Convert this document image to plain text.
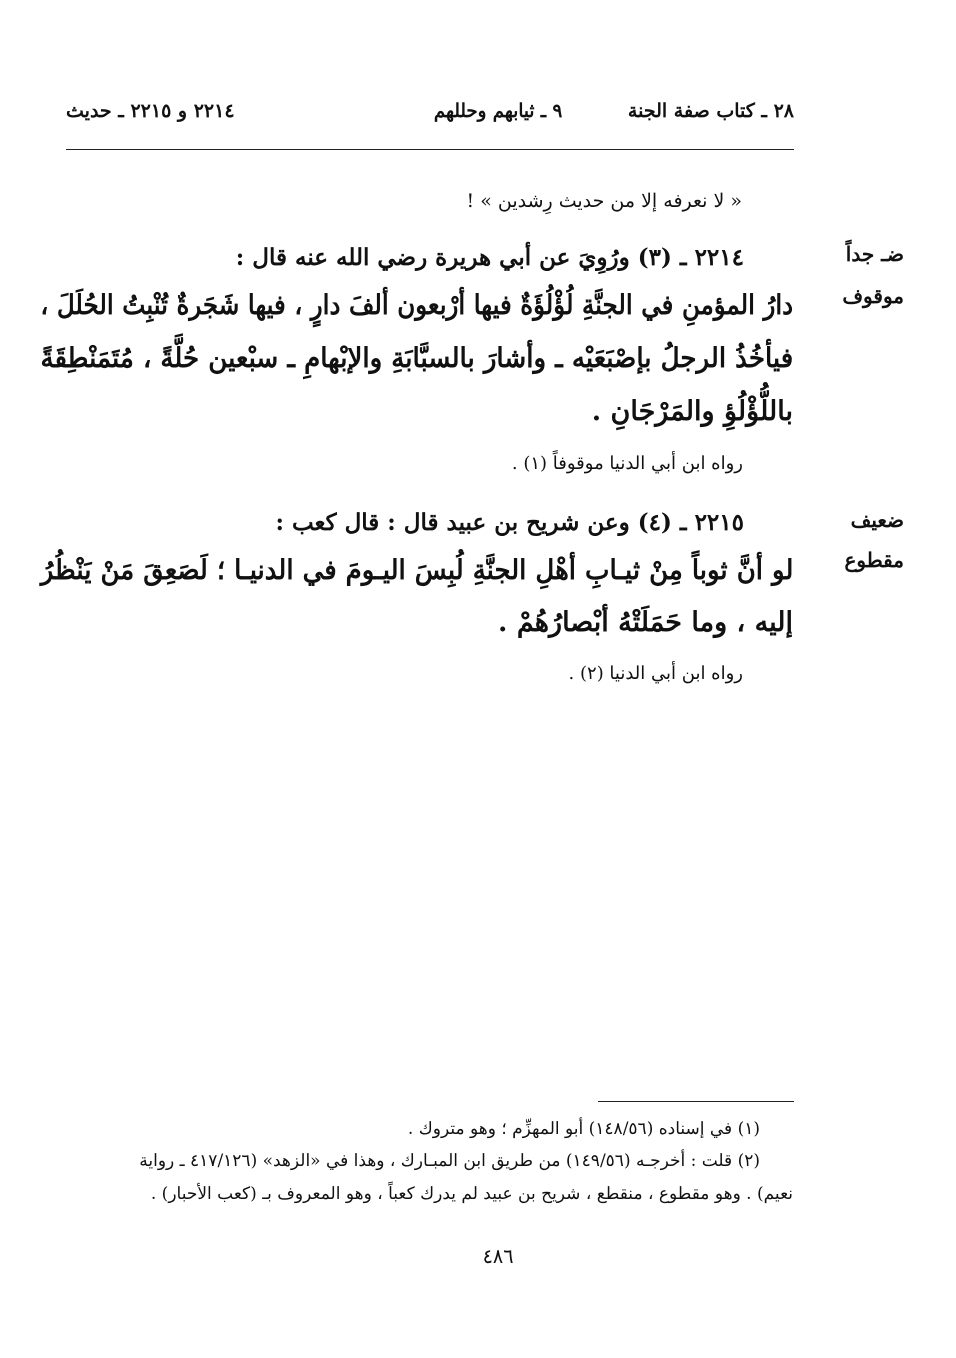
٢٨ ـ كتاب صفة الجنة
٩ ـ ثيابهم وحللهم
٢٢١٤ و ٢٢١٥ ـ حديث
« لا نعرفه إلا من حديث رِشدين » !
ضـ جداً
موقوف
٢٢١٤ ـ (٣) ورُوِيَ عن أبي هريرة رضي الله عنه قال :
دارُ المؤمنِ في الجنَّةِ لُؤْلُؤَةٌ فيها أرْبعون ألفَ دارٍ ، فيها شَجَرةٌ تُنْبِتُ الحُلَلَ ،
فيأخُذُ الرجلُ بإصْبَعَيْه ـ وأشارَ بالسبَّابَةِ والإبْهامِ ـ سبْعين حُلَّةً ، مُتَمَنْطِقَةً
باللُّؤْلُؤِ والمَرْجَانِ .
رواه ابن أبي الدنيا موقوفاً (١) .
ضعيف
مقطوع
٢٢١٥ ـ (٤) وعن شريح بن عبيد قال : قال كعب :
لو أنَّ ثوباً مِنْ ثيـابِ أهْلِ الجنَّةِ لُبِسَ اليـومَ في الدنيـا ؛ لَصَعِقَ مَنْ يَنْظُرُ
إليه ، وما حَمَلَتْهُ أبْصارُهُمْ .
رواه ابن أبي الدنيا (٢) .
(١) في إسناده (١٤٨/٥٦) أبو المهزِّم ؛ وهو متروك .
(٢) قلت : أخرجـه (١٤٩/٥٦) من طريق ابن المبـارك ، وهذا في «الزهد» (٤١٧/١٢٦ ـ رواية
نعيم) . وهو مقطوع ، منقطع ، شريح بن عبيد لم يدرك كعباً ، وهو المعروف بـ (كعب الأحبار) .
٤٨٦
